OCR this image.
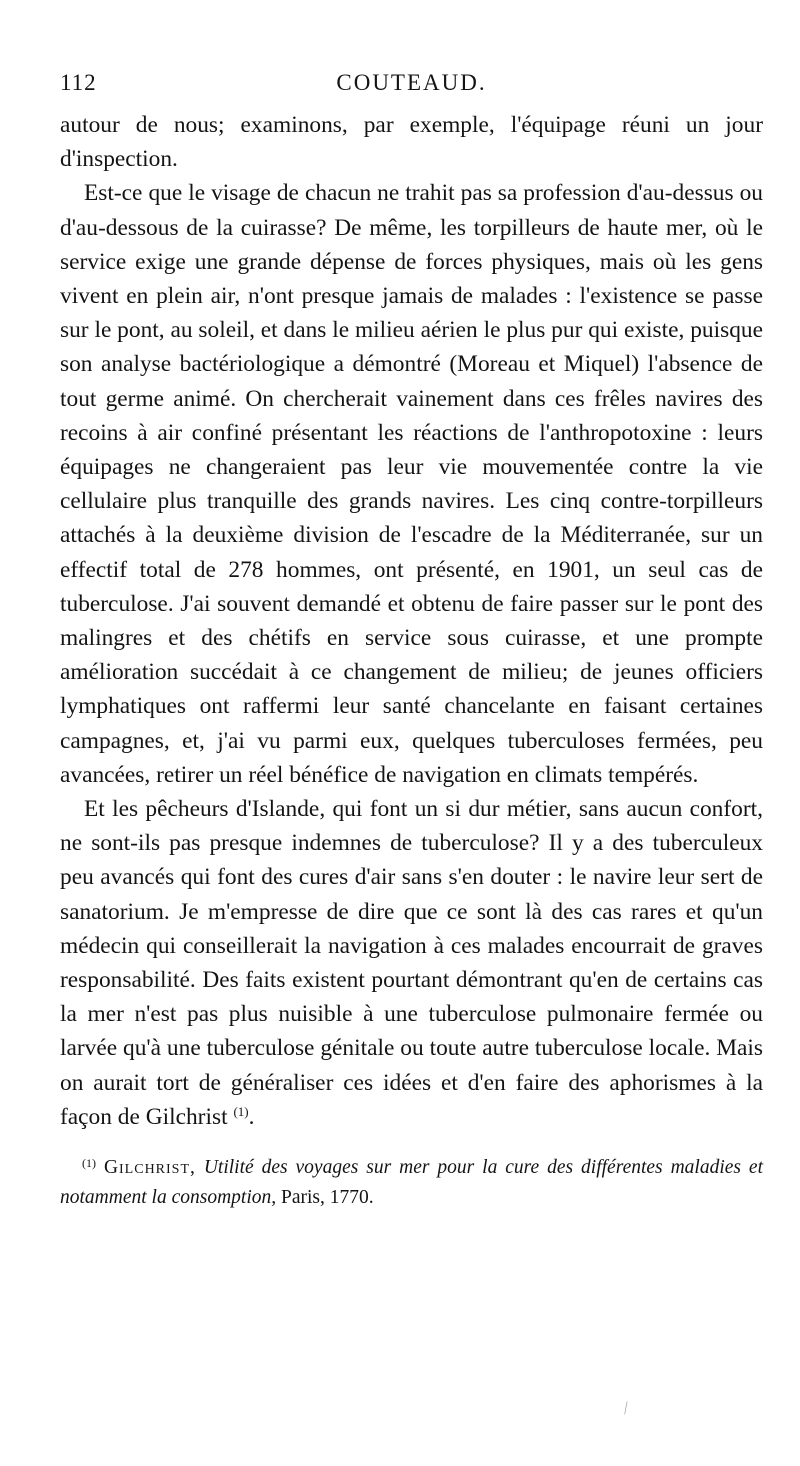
112	COUTEAUD.

autour de nous; examinons, par exemple, l'équipage réuni un jour d'inspection.

Est-ce que le visage de chacun ne trahit pas sa profession d'au-dessus ou d'au-dessous de la cuirasse? De même, les torpilleurs de haute mer, où le service exige une grande dépense de forces physiques, mais où les gens vivent en plein air, n'ont presque jamais de malades : l'existence se passe sur le pont, au soleil, et dans le milieu aérien le plus pur qui existe, puisque son analyse bactériologique a démontré (Moreau et Miquel) l'absence de tout germe animé. On chercherait vainement dans ces frêles navires des recoins à air confiné présentant les réactions de l'anthropotoxine : leurs équipages ne changeraient pas leur vie mouvementée contre la vie cellulaire plus tranquille des grands navires. Les cinq contre-torpilleurs attachés à la deuxième division de l'escadre de la Méditerranée, sur un effectif total de 278 hommes, ont présenté, en 1901, un seul cas de tuberculose. J'ai souvent demandé et obtenu de faire passer sur le pont des malingres et des chétifs en service sous cuirasse, et une prompte amélioration succédait à ce changement de milieu; de jeunes officiers lymphatiques ont raffermi leur santé chancelante en faisant certaines campagnes, et, j'ai vu parmi eux, quelques tuberculoses fermées, peu avancées, retirer un réel bénéfice de navigation en climats tempérés.

Et les pêcheurs d'Islande, qui font un si dur métier, sans aucun confort, ne sont-ils pas presque indemnes de tuberculose? Il y a des tuberculeux peu avancés qui font des cures d'air sans s'en douter : le navire leur sert de sanatorium. Je m'empresse de dire que ce sont là des cas rares et qu'un médecin qui conseillerait la navigation à ces malades encourrait de graves responsabilité. Des faits existent pourtant démontrant qu'en de certains cas la mer n'est pas plus nuisible à une tuberculose pulmonaire fermée ou larvée qu'à une tuberculose génitale ou toute autre tuberculose locale. Mais on aurait tort de généraliser ces idées et d'en faire des aphorismes à la façon de Gilchrist $^{(1)}$.

$^{(1)}$ Gilchrist, Utilité des voyages sur mer pour la cure des différentes maladies et notamment la consomption, Paris, 1770.
⁄
